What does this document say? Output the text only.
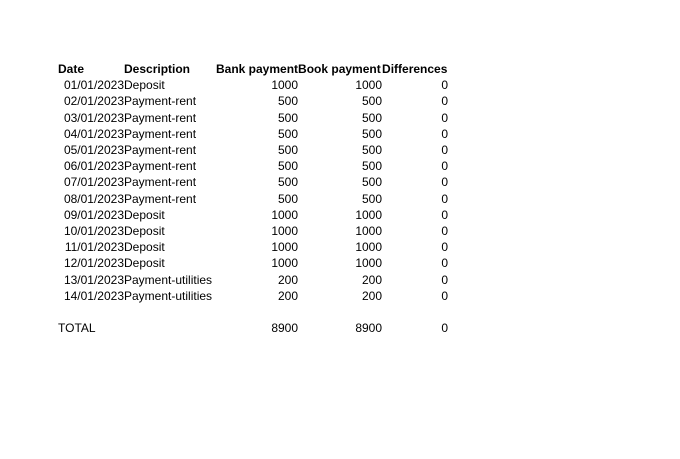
Date	Description	Bank payment	Book payment	Differences
01/01/2023	Deposit	1000	1000	0
02/01/2023	Payment-rent	500	500	0
03/01/2023	Payment-rent	500	500	0
04/01/2023	Payment-rent	500	500	0
05/01/2023	Payment-rent	500	500	0
06/01/2023	Payment-rent	500	500	0
07/01/2023	Payment-rent	500	500	0
08/01/2023	Payment-rent	500	500	0
09/01/2023	Deposit	1000	1000	0
10/01/2023	Deposit	1000	1000	0
11/01/2023	Deposit	1000	1000	0
12/01/2023	Deposit	1000	1000	0
13/01/2023	Payment-utilities	200	200	0
14/01/2023	Payment-utilities	200	200	0

TOTAL		8900	8900	0
